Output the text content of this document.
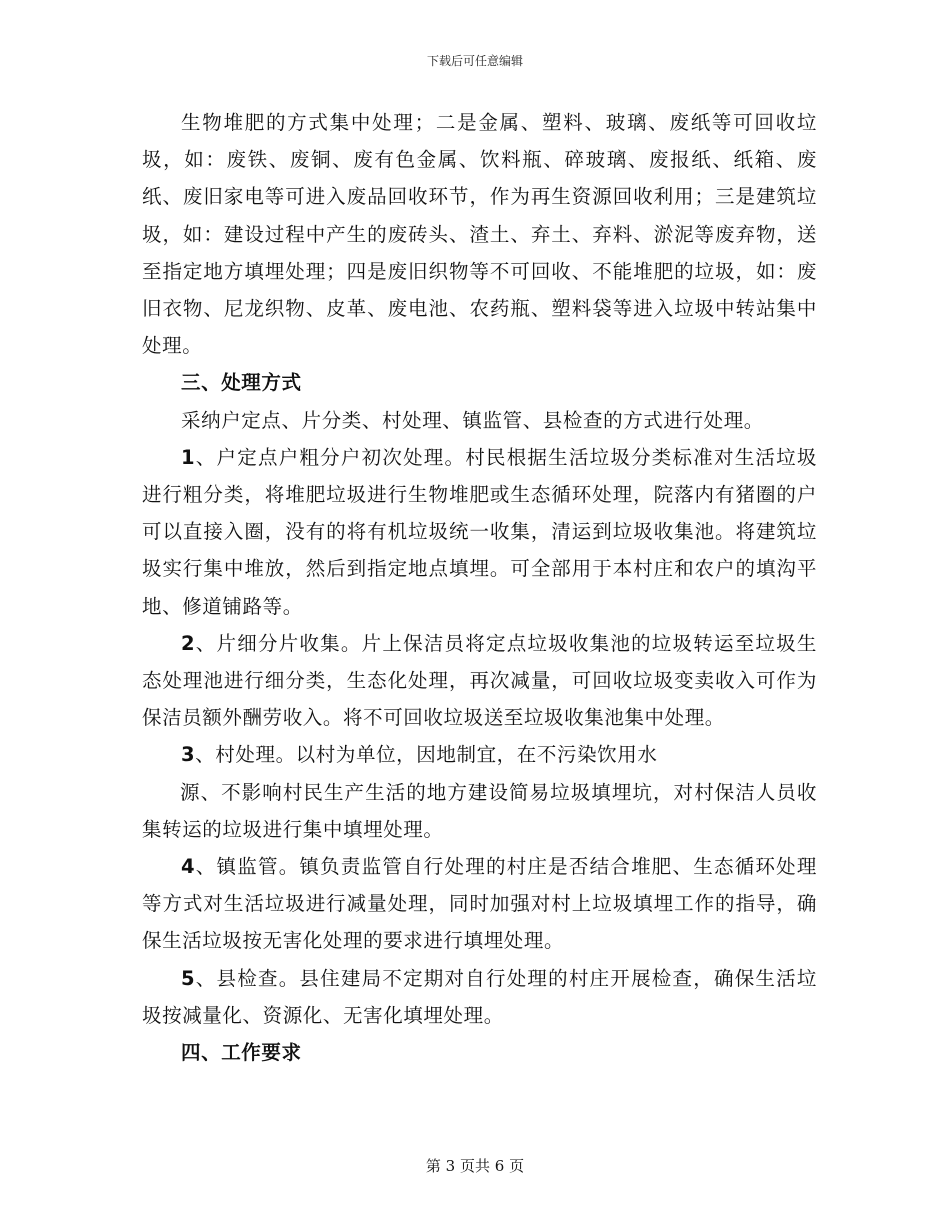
下载后可任意编辑

生物堆肥的方式集中处理；二是金属、塑料、玻璃、废纸等可回收垃圾，如：废铁、废铜、废有色金属、饮料瓶、碎玻璃、废报纸、纸箱、废纸、废旧家电等可进入废品回收环节，作为再生资源回收利用；三是建筑垃圾，如：建设过程中产生的废砖头、渣土、弃土、弃料、淤泥等废弃物，送至指定地方填埋处理；四是废旧织物等不可回收、不能堆肥的垃圾，如：废旧衣物、尼龙织物、皮革、废电池、农药瓶、塑料袋等进入垃圾中转站集中处理。

三、处理方式

采纳户定点、片分类、村处理、镇监管、县检查的方式进行处理。

1、户定点户粗分户初次处理。村民根据生活垃圾分类标准对生活垃圾进行粗分类，将堆肥垃圾进行生物堆肥或生态循环处理，院落内有猪圈的户可以直接入圈，没有的将有机垃圾统一收集，清运到垃圾收集池。将建筑垃圾实行集中堆放，然后到指定地点填埋。可全部用于本村庄和农户的填沟平地、修道铺路等。

2、片细分片收集。片上保洁员将定点垃圾收集池的垃圾转运至垃圾生态处理池进行细分类，生态化处理，再次减量，可回收垃圾变卖收入可作为保洁员额外酬劳收入。将不可回收垃圾送至垃圾收集池集中处理。

3、村处理。以村为单位，因地制宜，在不污染饮用水

源、不影响村民生产生活的地方建设简易垃圾填埋坑，对村保洁人员收集转运的垃圾进行集中填埋处理。

4、镇监管。镇负责监管自行处理的村庄是否结合堆肥、生态循环处理等方式对生活垃圾进行减量处理，同时加强对村上垃圾填埋工作的指导，确保生活垃圾按无害化处理的要求进行填埋处理。

5、县检查。县住建局不定期对自行处理的村庄开展检查，确保生活垃圾按减量化、资源化、无害化填埋处理。

四、工作要求

第 3 页共 6 页
